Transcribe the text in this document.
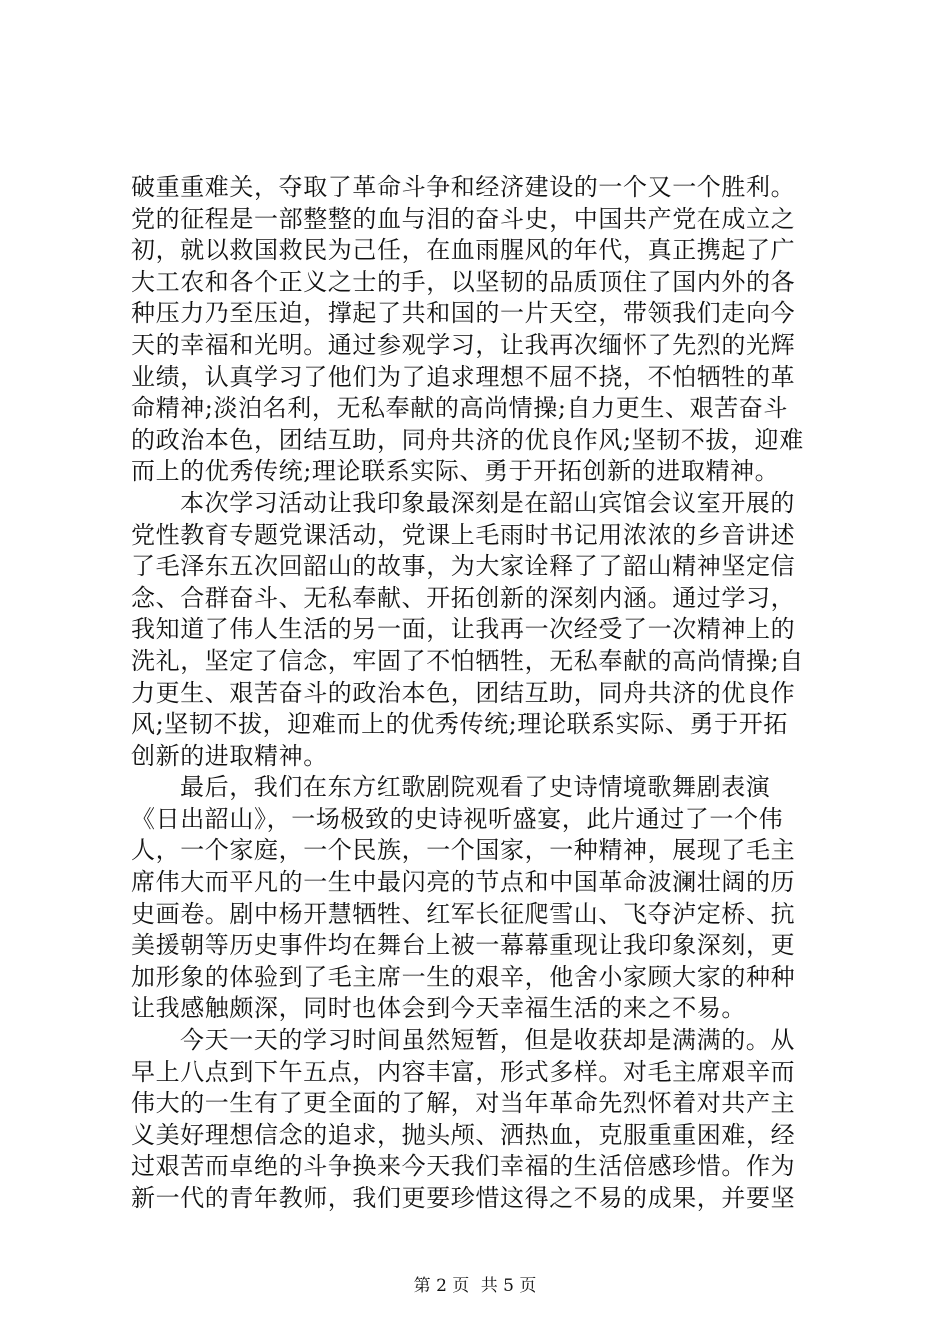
破重重难关，夺取了革命斗争和经济建设的一个又一个胜利。
党的征程是一部整整的血与泪的奋斗史，中国共产党在成立之
初，就以救国救民为己任，在血雨腥风的年代，真正携起了广
大工农和各个正义之士的手，以坚韧的品质顶住了国内外的各
种压力乃至压迫，撑起了共和国的一片天空，带领我们走向今
天的幸福和光明。通过参观学习，让我再次缅怀了先烈的光辉
业绩，认真学习了他们为了追求理想不屈不挠，不怕牺牲的革
命精神;淡泊名利，无私奉献的高尚情操;自力更生、艰苦奋斗
的政治本色，团结互助，同舟共济的优良作风;坚韧不拔，迎难
而上的优秀传统;理论联系实际、勇于开拓创新的进取精神。
本次学习活动让我印象最深刻是在韶山宾馆会议室开展的
党性教育专题党课活动，党课上毛雨时书记用浓浓的乡音讲述
了毛泽东五次回韶山的故事，为大家诠释了了韶山精神坚定信
念、合群奋斗、无私奉献、开拓创新的深刻内涵。通过学习，
我知道了伟人生活的另一面，让我再一次经受了一次精神上的
洗礼，坚定了信念，牢固了不怕牺牲，无私奉献的高尚情操;自
力更生、艰苦奋斗的政治本色，团结互助，同舟共济的优良作
风;坚韧不拔，迎难而上的优秀传统;理论联系实际、勇于开拓
创新的进取精神。
最后，我们在东方红歌剧院观看了史诗情境歌舞剧表演
《日出韶山》，一场极致的史诗视听盛宴，此片通过了一个伟
人，一个家庭，一个民族，一个国家，一种精神，展现了毛主
席伟大而平凡的一生中最闪亮的节点和中国革命波澜壮阔的历
史画卷。剧中杨开慧牺牲、红军长征爬雪山、飞夺泸定桥、抗
美援朝等历史事件均在舞台上被一幕幕重现让我印象深刻，更
加形象的体验到了毛主席一生的艰辛，他舍小家顾大家的种种
让我感触颇深，同时也体会到今天幸福生活的来之不易。
今天一天的学习时间虽然短暂，但是收获却是满满的。从
早上八点到下午五点，内容丰富，形式多样。对毛主席艰辛而
伟大的一生有了更全面的了解，对当年革命先烈怀着对共产主
义美好理想信念的追求，抛头颅、洒热血，克服重重困难，经
过艰苦而卓绝的斗争换来今天我们幸福的生活倍感珍惜。作为
新一代的青年教师，我们更要珍惜这得之不易的成果，并要坚
第 2 页 共 5 页
